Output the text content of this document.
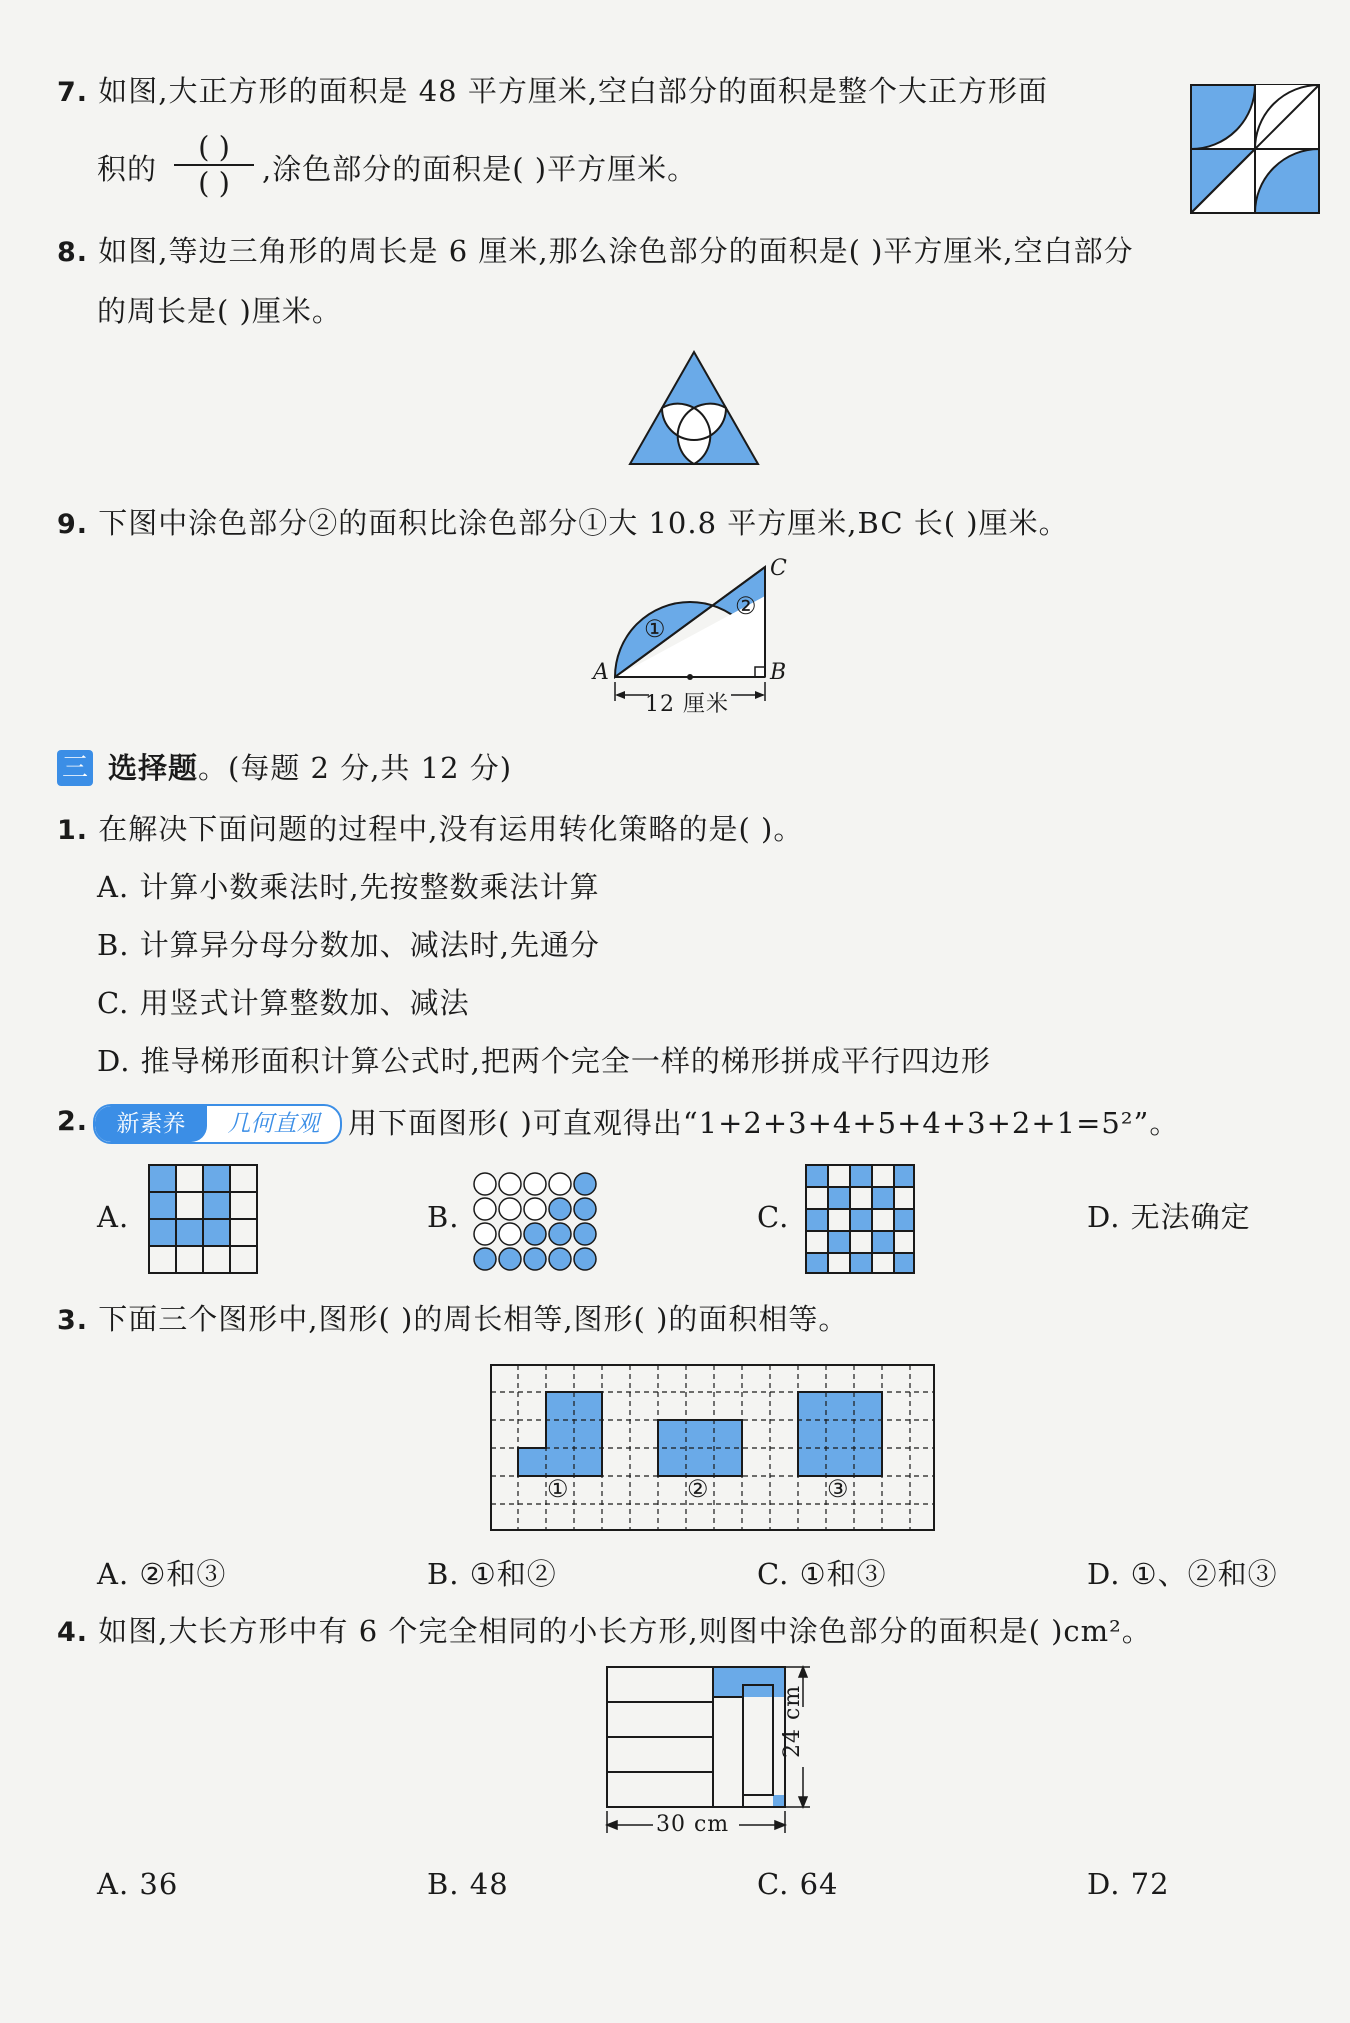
7. 如图,大正方形的面积是 48 平方厘米,空白部分的面积是整个大正方形面
积的
( )
( )	,涂色部分的面积是( )平方厘米。
8. 如图,等边三角形的周长是 6 厘米,那么涂色部分的面积是( )平方厘米,空白部分
的周长是( )厘米。
9. 下图中涂色部分②的面积比涂色部分①大 10.8 平方厘米,BC 长( )厘米。
A	B
C
①
②
12 厘米
三 选择题。(每题 2 分,共 12 分)
1. 在解决下面问题的过程中,没有运用转化策略的是( )。
A. 计算小数乘法时,先按整数乘法计算
B. 计算异分母分数加、减法时,先通分
C. 用竖式计算整数加、减法
D. 推导梯形面积计算公式时,把两个完全一样的梯形拼成平行四边形
2.	新素养	几何直观 用下面图形( )可直观得出“1+2+3+4+5+4+3+2+1=5²”。
A.	B.	C.	D. 无法确定
3. 下面三个图形中,图形( )的周长相等,图形( )的面积相等。
①	②	③
A. ②和③	B. ①和②	C. ①和③	D. ①、②和③
4. 如图,大长方形中有 6 个完全相同的小长方形,则图中涂色部分的面积是( )cm²。
24 cm
30 cm
A. 36	B. 48	C. 64	D. 72
